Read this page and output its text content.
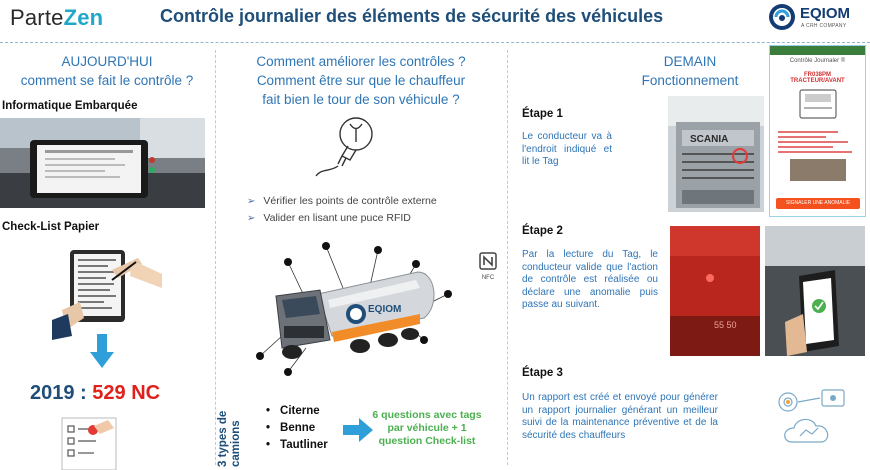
ParteZen	Contrôle journalier des éléments de sécurité des véhicules	EQIOM
A CRH COMPANY
AUJOURD'HUI
comment se fait le contrôle ?
Informatique Embarquée
Check-List Papier
2019 : 529 NC
Comment améliorer les contrôles ?
Comment être sur que le chauffeur
fait bien le tour de son véhicule ?
➢ Vérifier les points de contrôle externe
➢ Valider en lisant une puce RFID
EQIOM
NFC
3 types de camions
• Citerne
• Benne
• Tautliner
6 questions avec tags par véhicule + 1 question Check-list
DEMAIN
Fonctionnement
Contrôle Journaler ®
FR038PM
TRACTEUR/AVANT
SIGNALER UNE ANOMALIE
Étape 1
Le conducteur va à l'endroit indiqué et lit le Tag
SCANIA
Étape 2
Par la lecture du Tag, le conducteur valide que l'action de contrôle est réalisée ou déclare une anomalie puis passe au suivant.
55 50
Étape 3
Un rapport est créé et envoyé pour générer un rapport journalier générant un meilleur suivi de la maintenance préventive et de la sécurité des chauffeurs
